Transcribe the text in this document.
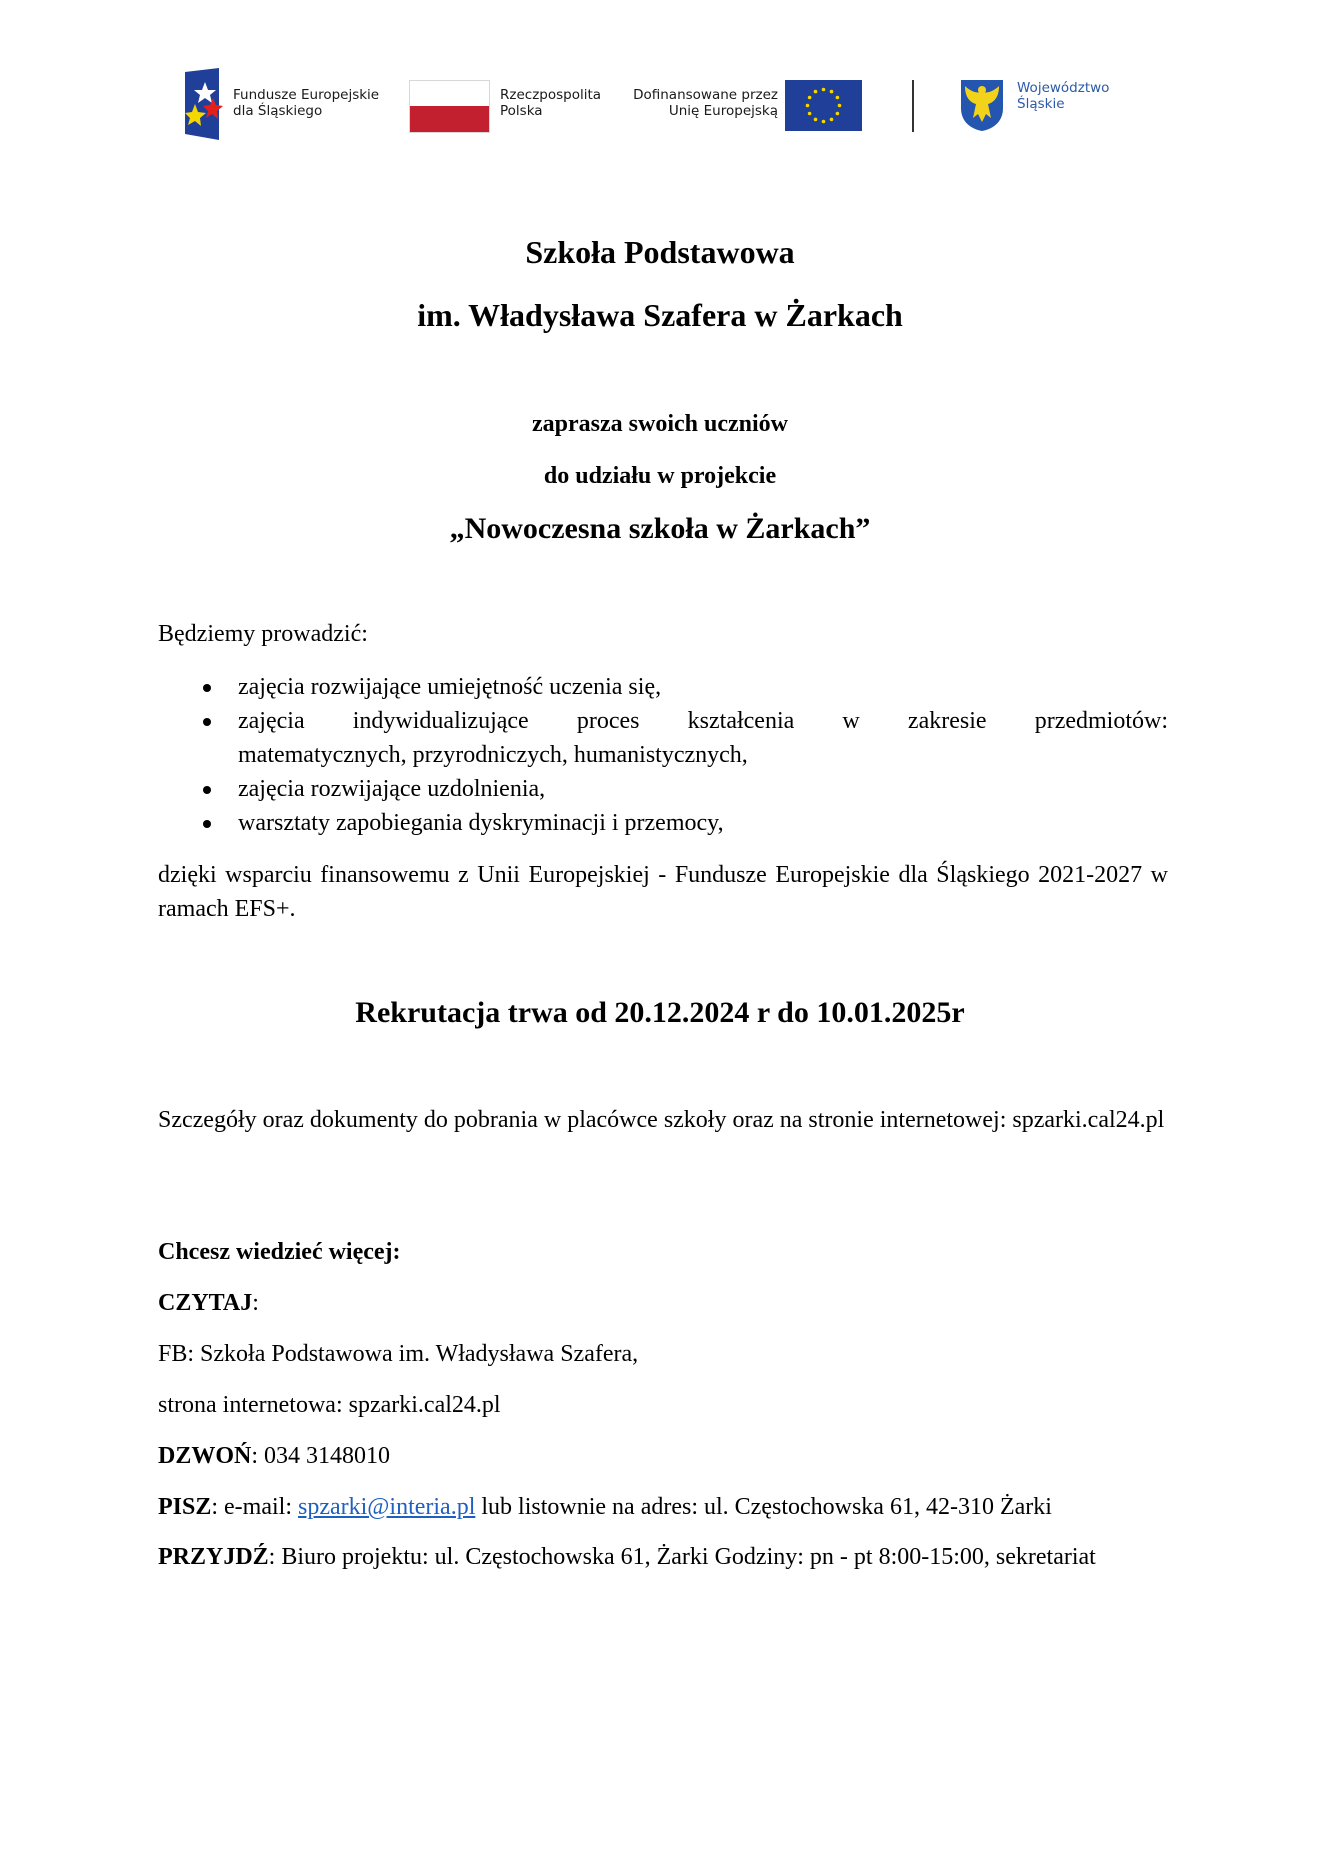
Fundusze Europejskie
dla Śląskiego
Rzeczpospolita
Polska
Dofinansowane przez
Unię Europejską
Województwo
Śląskie
Szkoła Podstawowa
im. Władysława Szafera w Żarkach
zaprasza swoich uczniów
do udziału w projekcie
„Nowoczesna szkoła w Żarkach”
Będziemy prowadzić:
zajęcia rozwijające umiejętność uczenia się,
zajęcia indywidualizujące proces kształcenia w zakresie przedmiotów:
matematycznych, przyrodniczych, humanistycznych,
zajęcia rozwijające uzdolnienia,
warsztaty zapobiegania dyskryminacji i przemocy,
dzięki wsparciu finansowemu z Unii Europejskiej - Fundusze Europejskie dla Śląskiego 2021-2027 w ramach EFS+.
Rekrutacja trwa od 20.12.2024 r do 10.01.2025r
Szczegóły oraz dokumenty do pobrania w placówce szkoły oraz na stronie internetowej: spzarki.cal24.pl
Chcesz wiedzieć więcej:
CZYTAJ:
FB: Szkoła Podstawowa im. Władysława Szafera,
strona internetowa: spzarki.cal24.pl
DZWOŃ: 034 3148010
PISZ: e-mail: spzarki@interia.pl lub listownie na adres: ul. Częstochowska 61, 42-310 Żarki
PRZYJDŹ: Biuro projektu: ul. Częstochowska 61, Żarki Godziny: pn - pt 8:00-15:00, sekretariat
